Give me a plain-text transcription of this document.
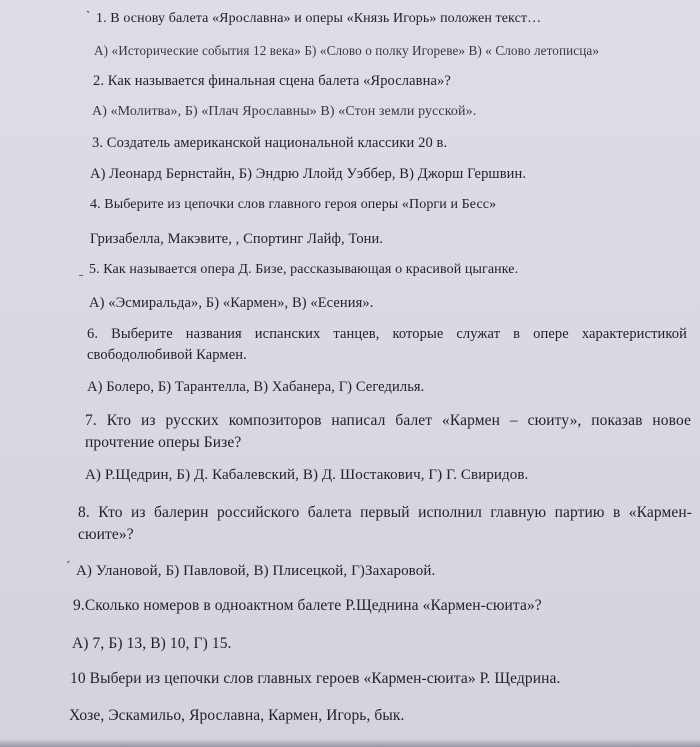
ˋ 1. В основу балета «Ярославна» и оперы «Князь Игорь» положен текст…
А) «Исторические события 12 века» Б) «Слово о полку Игореве» В) « Слово летописца»
2. Как называется финальная сцена балета «Ярославна»?
А) «Молитва», Б) «Плач Ярославны» В) «Стон земли русской».
3. Создатель американской национальной классики 20 в.
А) Леонард Бернстайн, Б) Эндрю Ллойд Уэббер, В) Джорш Гершвин.
4. Выберите из цепочки слов главного героя оперы «Порги и Бесс»
Гризабелла, Макэвите, , Спортинг Лайф, Тони.
ˍ 5. Как называется опера Д. Бизе, рассказывающая о красивой цыганке.
А) «Эсмиральда», Б) «Кармен», В) «Есения».
6. Выберите названия испанских танцев, которые служат в опере характеристикой свободолюбивой Кармен.
А) Болеро, Б) Тарантелла, В) Хабанера, Г) Сегедилья.
7. Кто из русских композиторов написал балет «Кармен – сюиту», показав новое прочтение оперы Бизе?
А) Р.Щедрин, Б) Д. Кабалевский, В) Д. Шостакович, Г) Г. Свиридов.
8. Кто из балерин российского балета первый исполнил главную партию в «Кармен-сюите»?
ˊ А) Улановой, Б) Павловой, В) Плисецкой, Г)Захаровой.
9.Сколько номеров в одноактном балете Р.Щеднина «Кармен-сюита»?
А) 7, Б) 13, В) 10, Г) 15.
10 Выбери из цепочки слов главных героев «Кармен-сюита» Р. Щедрина.
Хозе, Эскамильо, Ярославна, Кармен, Игорь, бык.
